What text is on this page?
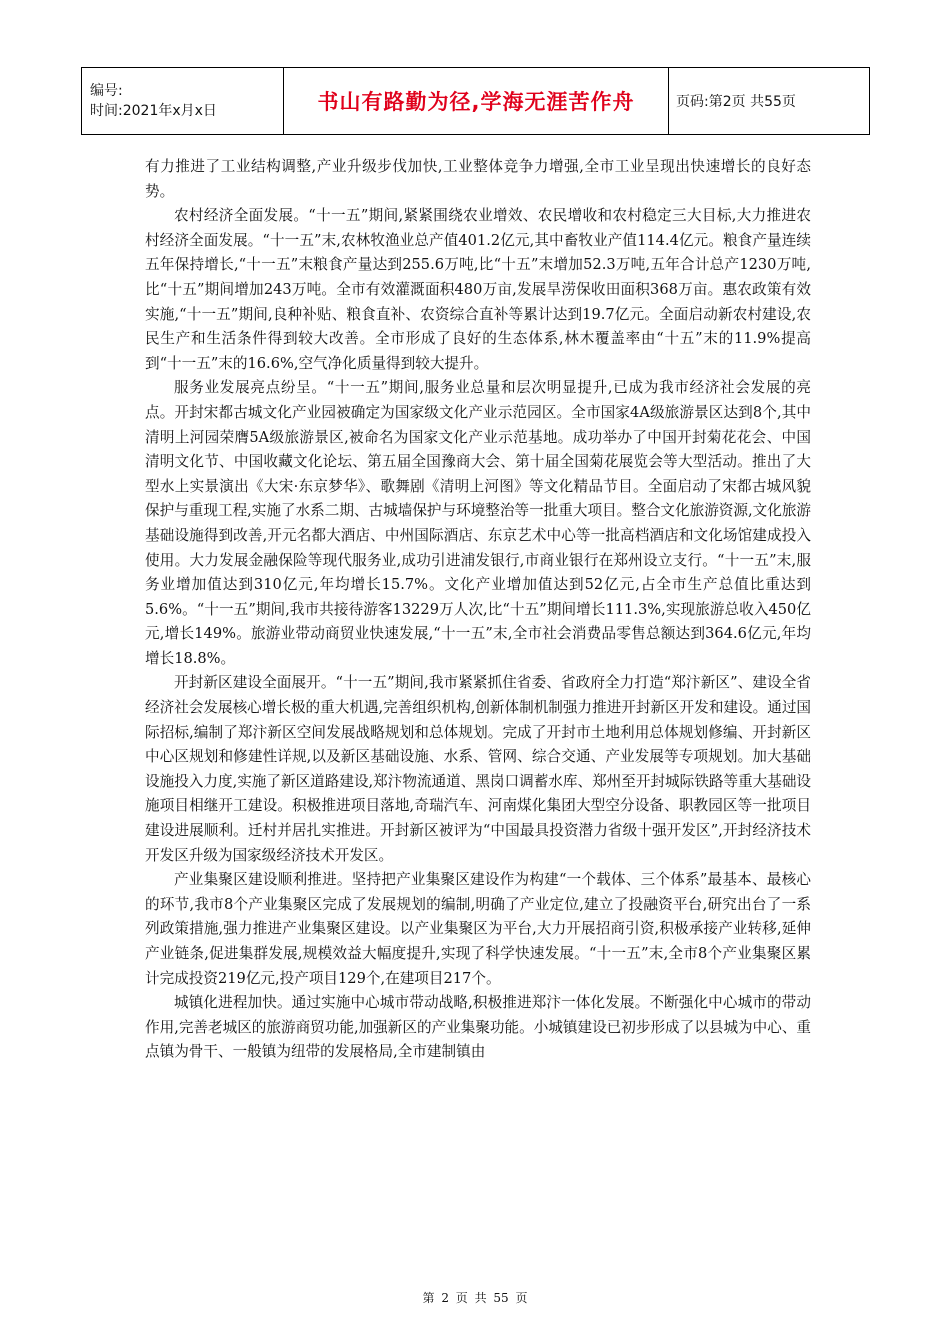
编号:
时间:2021年x月x日	书山有路勤为径,学海无涯苦作舟	页码:第2页 共55页

有力推进了工业结构调整,产业升级步伐加快,工业整体竞争力增强,全市工业呈现出快速增长的良好态势。

农村经济全面发展。“十一五”期间,紧紧围绕农业增效、农民增收和农村稳定三大目标,大力推进农村经济全面发展。“十一五”末,农林牧渔业总产值401.2亿元,其中畜牧业产值114.4亿元。粮食产量连续五年保持增长,“十一五”末粮食产量达到255.6万吨,比“十五”末增加52.3万吨,五年合计总产1230万吨,比“十五”期间增加243万吨。全市有效灌溉面积480万亩,发展旱涝保收田面积368万亩。惠农政策有效实施,“十一五”期间,良种补贴、粮食直补、农资综合直补等累计达到19.7亿元。全面启动新农村建设,农民生产和生活条件得到较大改善。全市形成了良好的生态体系,林木覆盖率由“十五”末的11.9%提高到“十一五”末的16.6%,空气净化质量得到较大提升。

服务业发展亮点纷呈。“十一五”期间,服务业总量和层次明显提升,已成为我市经济社会发展的亮点。开封宋都古城文化产业园被确定为国家级文化产业示范园区。全市国家4A级旅游景区达到8个,其中清明上河园荣膺5A级旅游景区,被命名为国家文化产业示范基地。成功举办了中国开封菊花花会、中国清明文化节、中国收藏文化论坛、第五届全国豫商大会、第十届全国菊花展览会等大型活动。推出了大型水上实景演出《大宋·东京梦华》、歌舞剧《清明上河图》等文化精品节目。全面启动了宋都古城风貌保护与重现工程,实施了水系二期、古城墙保护与环境整治等一批重大项目。整合文化旅游资源,文化旅游基础设施得到改善,开元名都大酒店、中州国际酒店、东京艺术中心等一批高档酒店和文化场馆建成投入使用。大力发展金融保险等现代服务业,成功引进浦发银行,市商业银行在郑州设立支行。“十一五”末,服务业增加值达到310亿元,年均增长15.7%。文化产业增加值达到52亿元,占全市生产总值比重达到5.6%。“十一五”期间,我市共接待游客13229万人次,比“十五”期间增长111.3%,实现旅游总收入450亿元,增长149%。旅游业带动商贸业快速发展,“十一五”末,全市社会消费品零售总额达到364.6亿元,年均增长18.8%。

开封新区建设全面展开。“十一五”期间,我市紧紧抓住省委、省政府全力打造“郑汴新区”、建设全省经济社会发展核心增长极的重大机遇,完善组织机构,创新体制机制强力推进开封新区开发和建设。通过国际招标,编制了郑汴新区空间发展战略规划和总体规划。完成了开封市土地利用总体规划修编、开封新区中心区规划和修建性详规,以及新区基础设施、水系、管网、综合交通、产业发展等专项规划。加大基础设施投入力度,实施了新区道路建设,郑汴物流通道、黑岗口调蓄水库、郑州至开封城际铁路等重大基础设施项目相继开工建设。积极推进项目落地,奇瑞汽车、河南煤化集团大型空分设备、职教园区等一批项目建设进展顺利。迁村并居扎实推进。开封新区被评为“中国最具投资潜力省级十强开发区”,开封经济技术开发区升级为国家级经济技术开发区。

产业集聚区建设顺利推进。坚持把产业集聚区建设作为构建“一个载体、三个体系”最基本、最核心的环节,我市8个产业集聚区完成了发展规划的编制,明确了产业定位,建立了投融资平台,研究出台了一系列政策措施,强力推进产业集聚区建设。以产业集聚区为平台,大力开展招商引资,积极承接产业转移,延伸产业链条,促进集群发展,规模效益大幅度提升,实现了科学快速发展。“十一五”末,全市8个产业集聚区累计完成投资219亿元,投产项目129个,在建项目217个。

城镇化进程加快。通过实施中心城市带动战略,积极推进郑汴一体化发展。不断强化中心城市的带动作用,完善老城区的旅游商贸功能,加强新区的产业集聚功能。小城镇建设已初步形成了以县城为中心、重点镇为骨干、一般镇为纽带的发展格局,全市建制镇由

第 2 页 共 55 页
